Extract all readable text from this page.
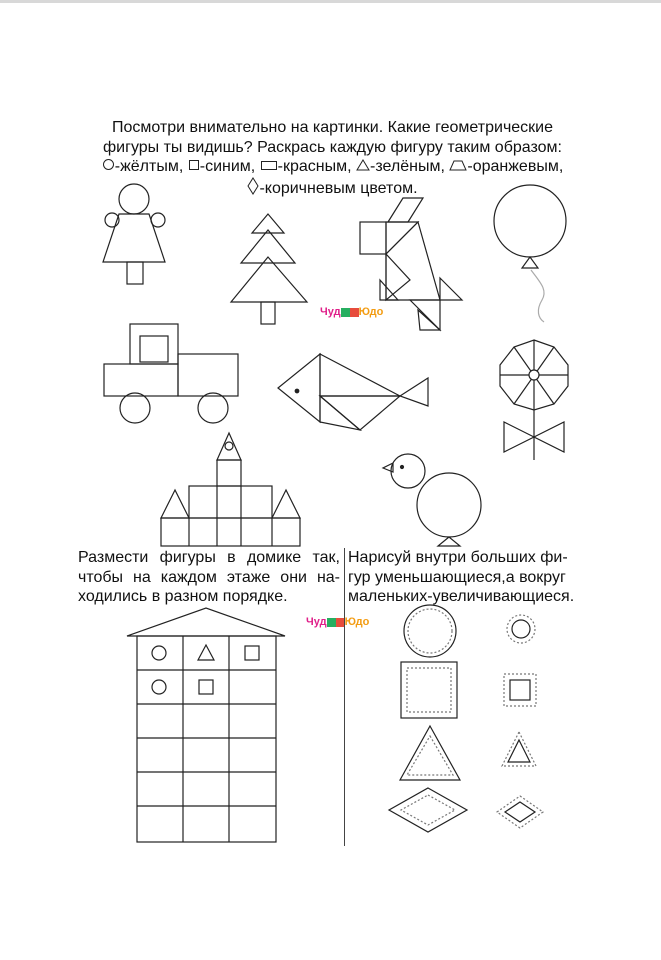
Посмотри внимательно на картинки. Какие геометрические
фигуры ты видишь? Раскрась каждую фигуру таким образом:
-жёлтым, -синим, -красным, -зелёным, -оранжевым,
-коричневым цветом.
Чуд Юдо
Чуд Юдо
Размести фигуры в домике так,
чтобы на каждом этаже они на-
ходились в разном порядке.
Нарисуй внутри больших фи-
гур уменьшающиеся,а вокруг
маленьких-увеличивающиеся.
